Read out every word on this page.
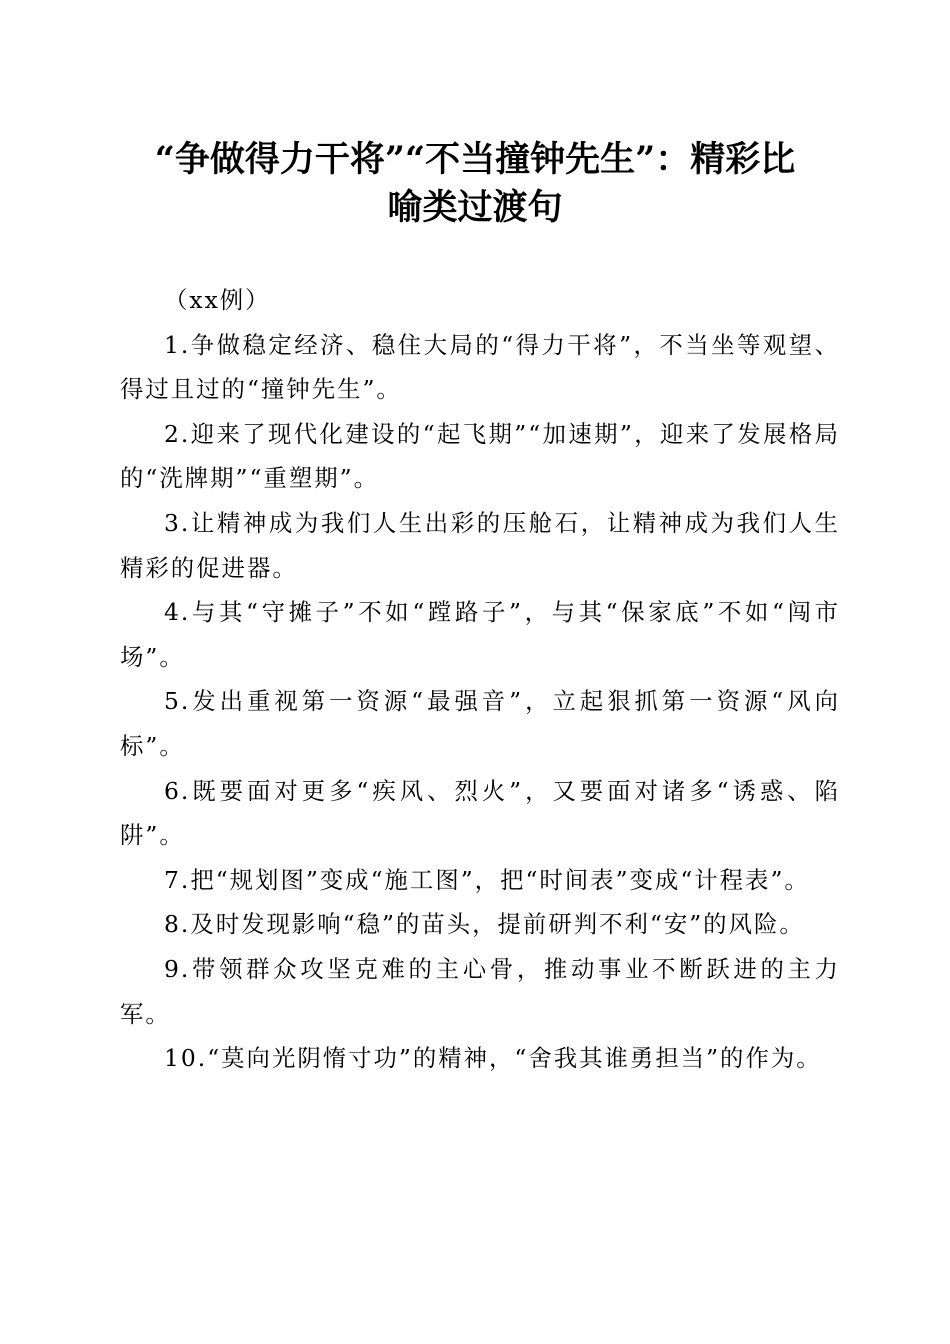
“争做得力干将”“不当撞钟先生”：精彩比
喻类过渡句

（xx例）

1.争做稳定经济、稳住大局的“得力干将”，不当坐等观望、得过且过的“撞钟先生”。

2.迎来了现代化建设的“起飞期”“加速期”，迎来了发展格局的“洗牌期”“重塑期”。

3.让精神成为我们人生出彩的压舱石，让精神成为我们人生精彩的促进器。

4.与其“守摊子”不如“蹚路子”，与其“保家底”不如“闯市场”。

5.发出重视第一资源“最强音”，立起狠抓第一资源“风向标”。

6.既要面对更多“疾风、烈火”，又要面对诸多“诱惑、陷阱”。

7.把“规划图”变成“施工图”，把“时间表”变成“计程表”。

8.及时发现影响“稳”的苗头，提前研判不利“安”的风险。

9.带领群众攻坚克难的主心骨，推动事业不断跃进的主力军。

10.“莫向光阴惰寸功”的精神，“舍我其谁勇担当”的作为。
